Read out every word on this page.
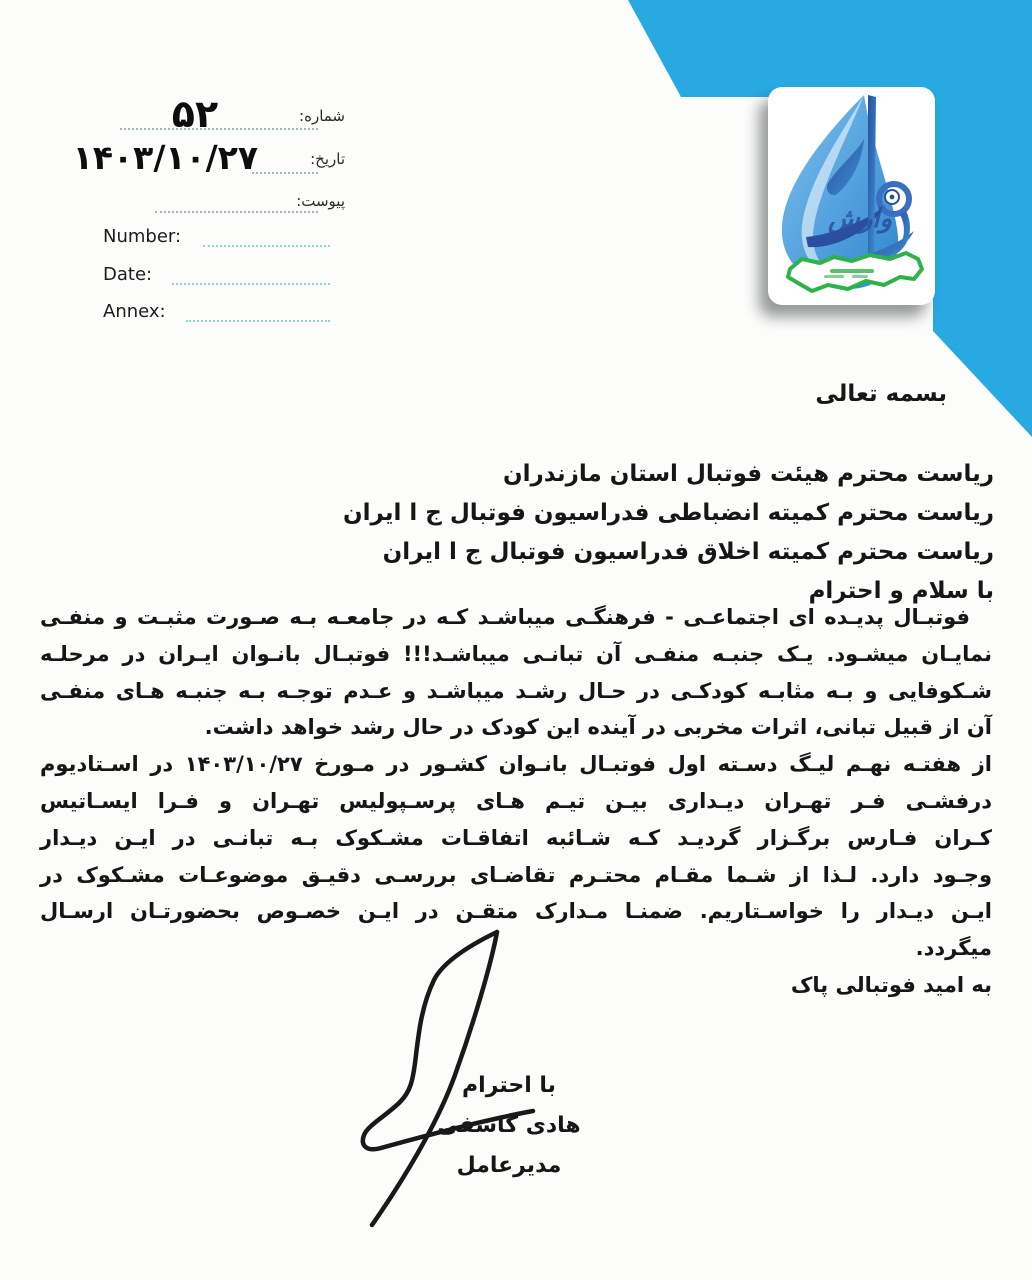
وارش
شماره:
۵۲
تاریخ:
۱۴۰۳/۱۰/۲۷
پیوست:
Number:
Date:
Annex:
بسمه تعالی
ریاست محترم هیئت فوتبال استان مازندران
ریاست محترم کمیته انضباطی فدراسیون فوتبال ج ا ایران
ریاست محترم کمیته اخلاق فدراسیون فوتبال ج ا ایران
با سلام و احترام
فوتبـال پدیـده ای اجتماعـی - فرهنگـی میباشـد کـه در جامعـه بـه صـورت مثبـت و منفـی
نمایـان میشـود. یـک جنبـه منفـی آن تبانـی میباشـد!!! فوتبـال بانـوان ایـران در مرحلـه
شـکوفایی و بـه مثابـه کودکـی در حـال رشـد میباشـد و عـدم توجـه بـه جنبـه هـای منفـی
آن از قبیل تبانی، اثرات مخربی در آینده این کودک در حال رشد خواهد داشت.
از هفتـه نهـم لیـگ دسـته اول فوتبـال بانـوان کشـور در مـورخ ۱۴۰۳/۱۰/۲۷ در اسـتادیوم
درفشـی فـر تهـران دیـداری بیـن تیـم هـای پرسـپولیس تهـران و فـرا ایسـاتیس
کـران فـارس برگـزار گردیـد کـه شـائبه اتفاقـات مشـکوک بـه تبانـی در ایـن دیـدار
وجـود دارد. لـذا از شـما مقـام محتـرم تقاضـای بررسـی دقیـق موضوعـات مشـکوک در
ایـن دیـدار را خواسـتاریم. ضمنـا مـدارک متقـن در ایـن خصـوص بحضورتـان ارسـال
میگردد.
به امید فوتبالی پاک
با احترام
هادی کاشفی
مدیرعامل
